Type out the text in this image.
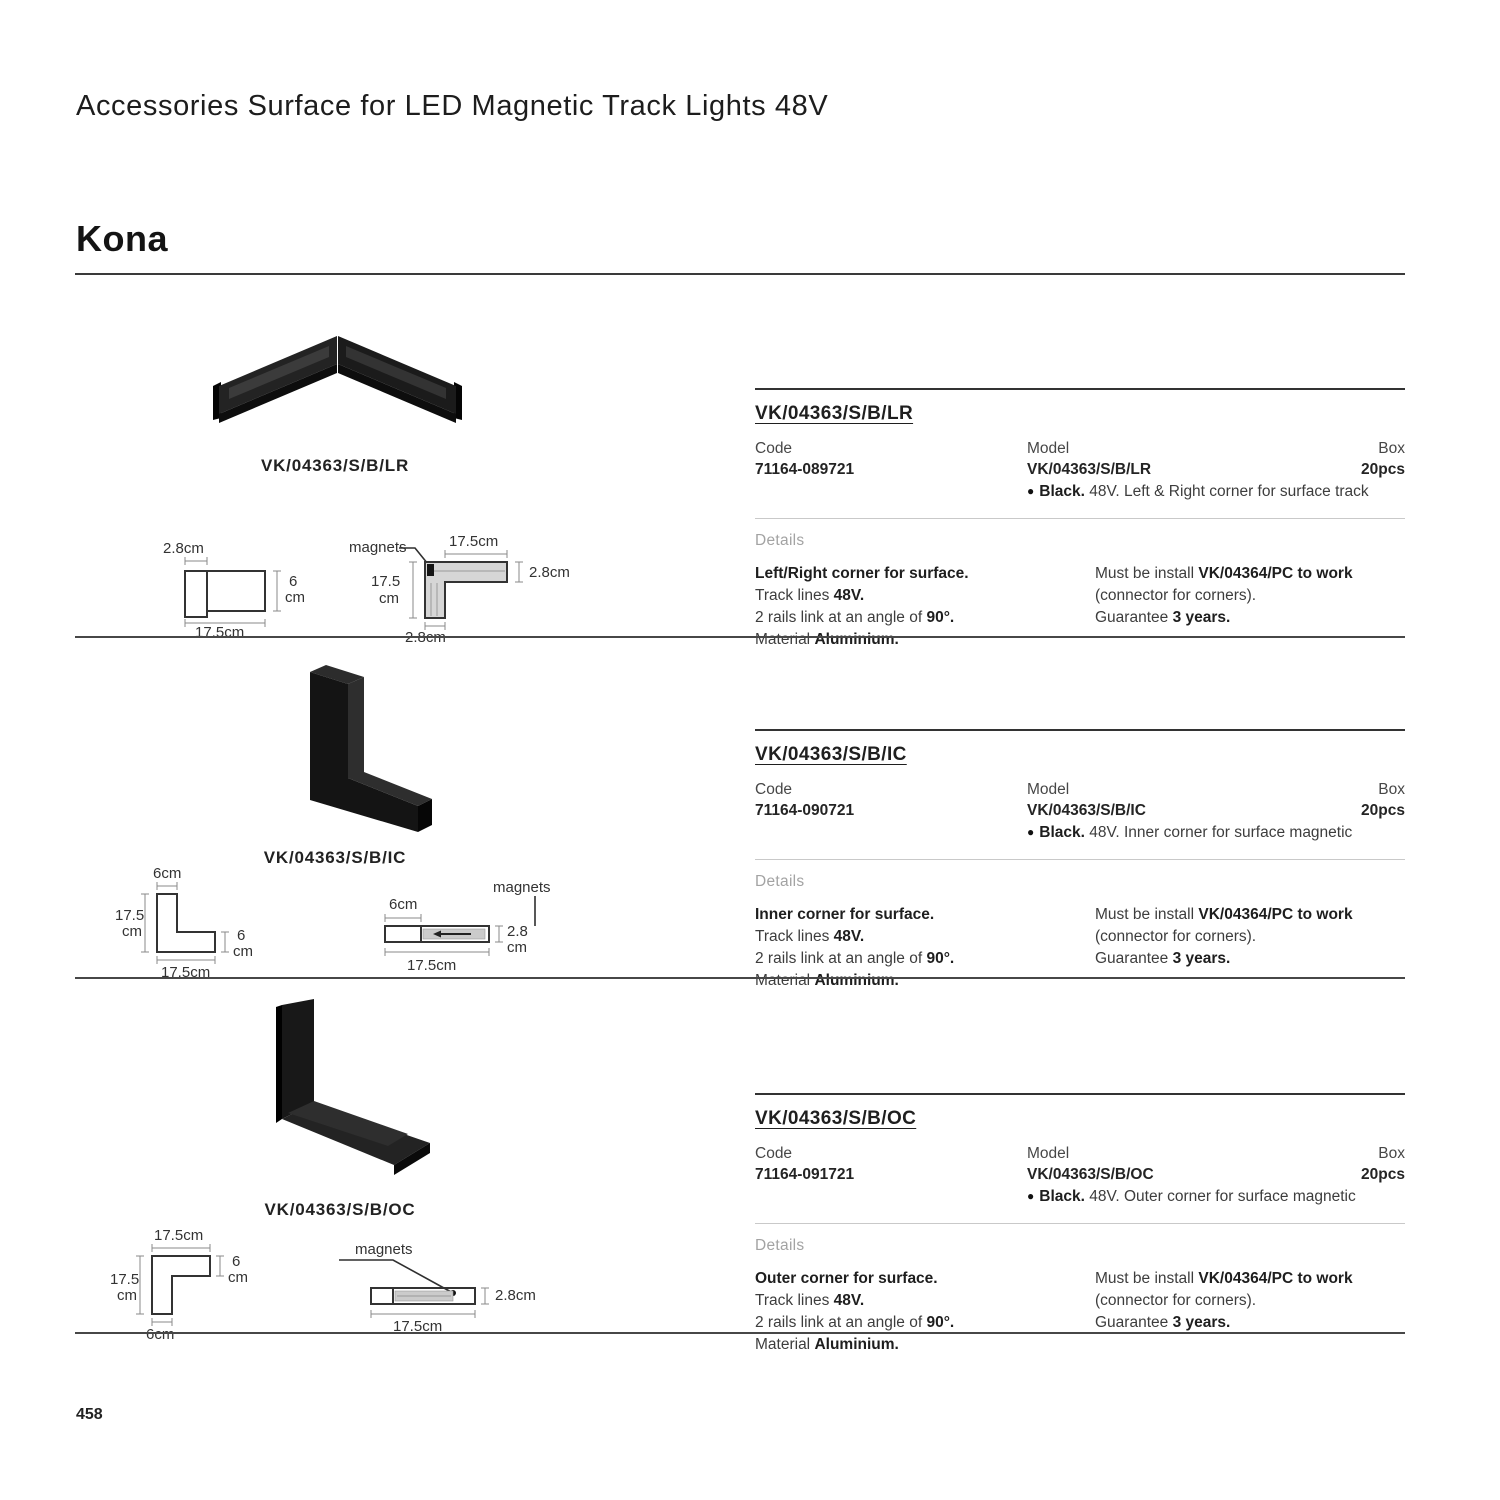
Accessories Surface for LED Magnetic Track Lights 48V
Kona
VK/04363/S/B/LR
2.8cm
6
cm
17.5cm
magnets	17.5cm
2.8cm
17.5
cm
2.8cm
VK/04363/S/B/LR
Code	Model	Box
71164-089721	VK/04363/S/B/LR	20pcs
● Black. 48V. Left & Right corner for surface track
Details
Left/Right corner for surface.
Track lines 48V.
2 rails link at an angle of 90°.
Material Aluminium.
Must be install VK/04364/PC to work
(connector for corners).
Guarantee 3 years.
VK/04363/S/B/IC
6cm
17.5
cm	6
cm
17.5cm
magnets
6cm
2.8
cm
17.5cm
VK/04363/S/B/IC
Code	Model	Box
71164-090721	VK/04363/S/B/IC	20pcs
● Black. 48V. Inner corner for surface magnetic
Details
Inner corner for surface.
Track lines 48V.
2 rails link at an angle of 90°.
Material Aluminium.
Must be install VK/04364/PC to work
(connector for corners).
Guarantee 3 years.
VK/04363/S/B/OC
17.5cm
17.5
cm
6
cm
6cm
magnets
2.8cm
17.5cm
VK/04363/S/B/OC
Code	Model	Box
71164-091721	VK/04363/S/B/OC	20pcs
● Black. 48V. Outer corner for surface magnetic
Details
Outer corner for surface.
Track lines 48V.
2 rails link at an angle of 90°.
Material Aluminium.
Must be install VK/04364/PC to work
(connector for corners).
Guarantee 3 years.
458
